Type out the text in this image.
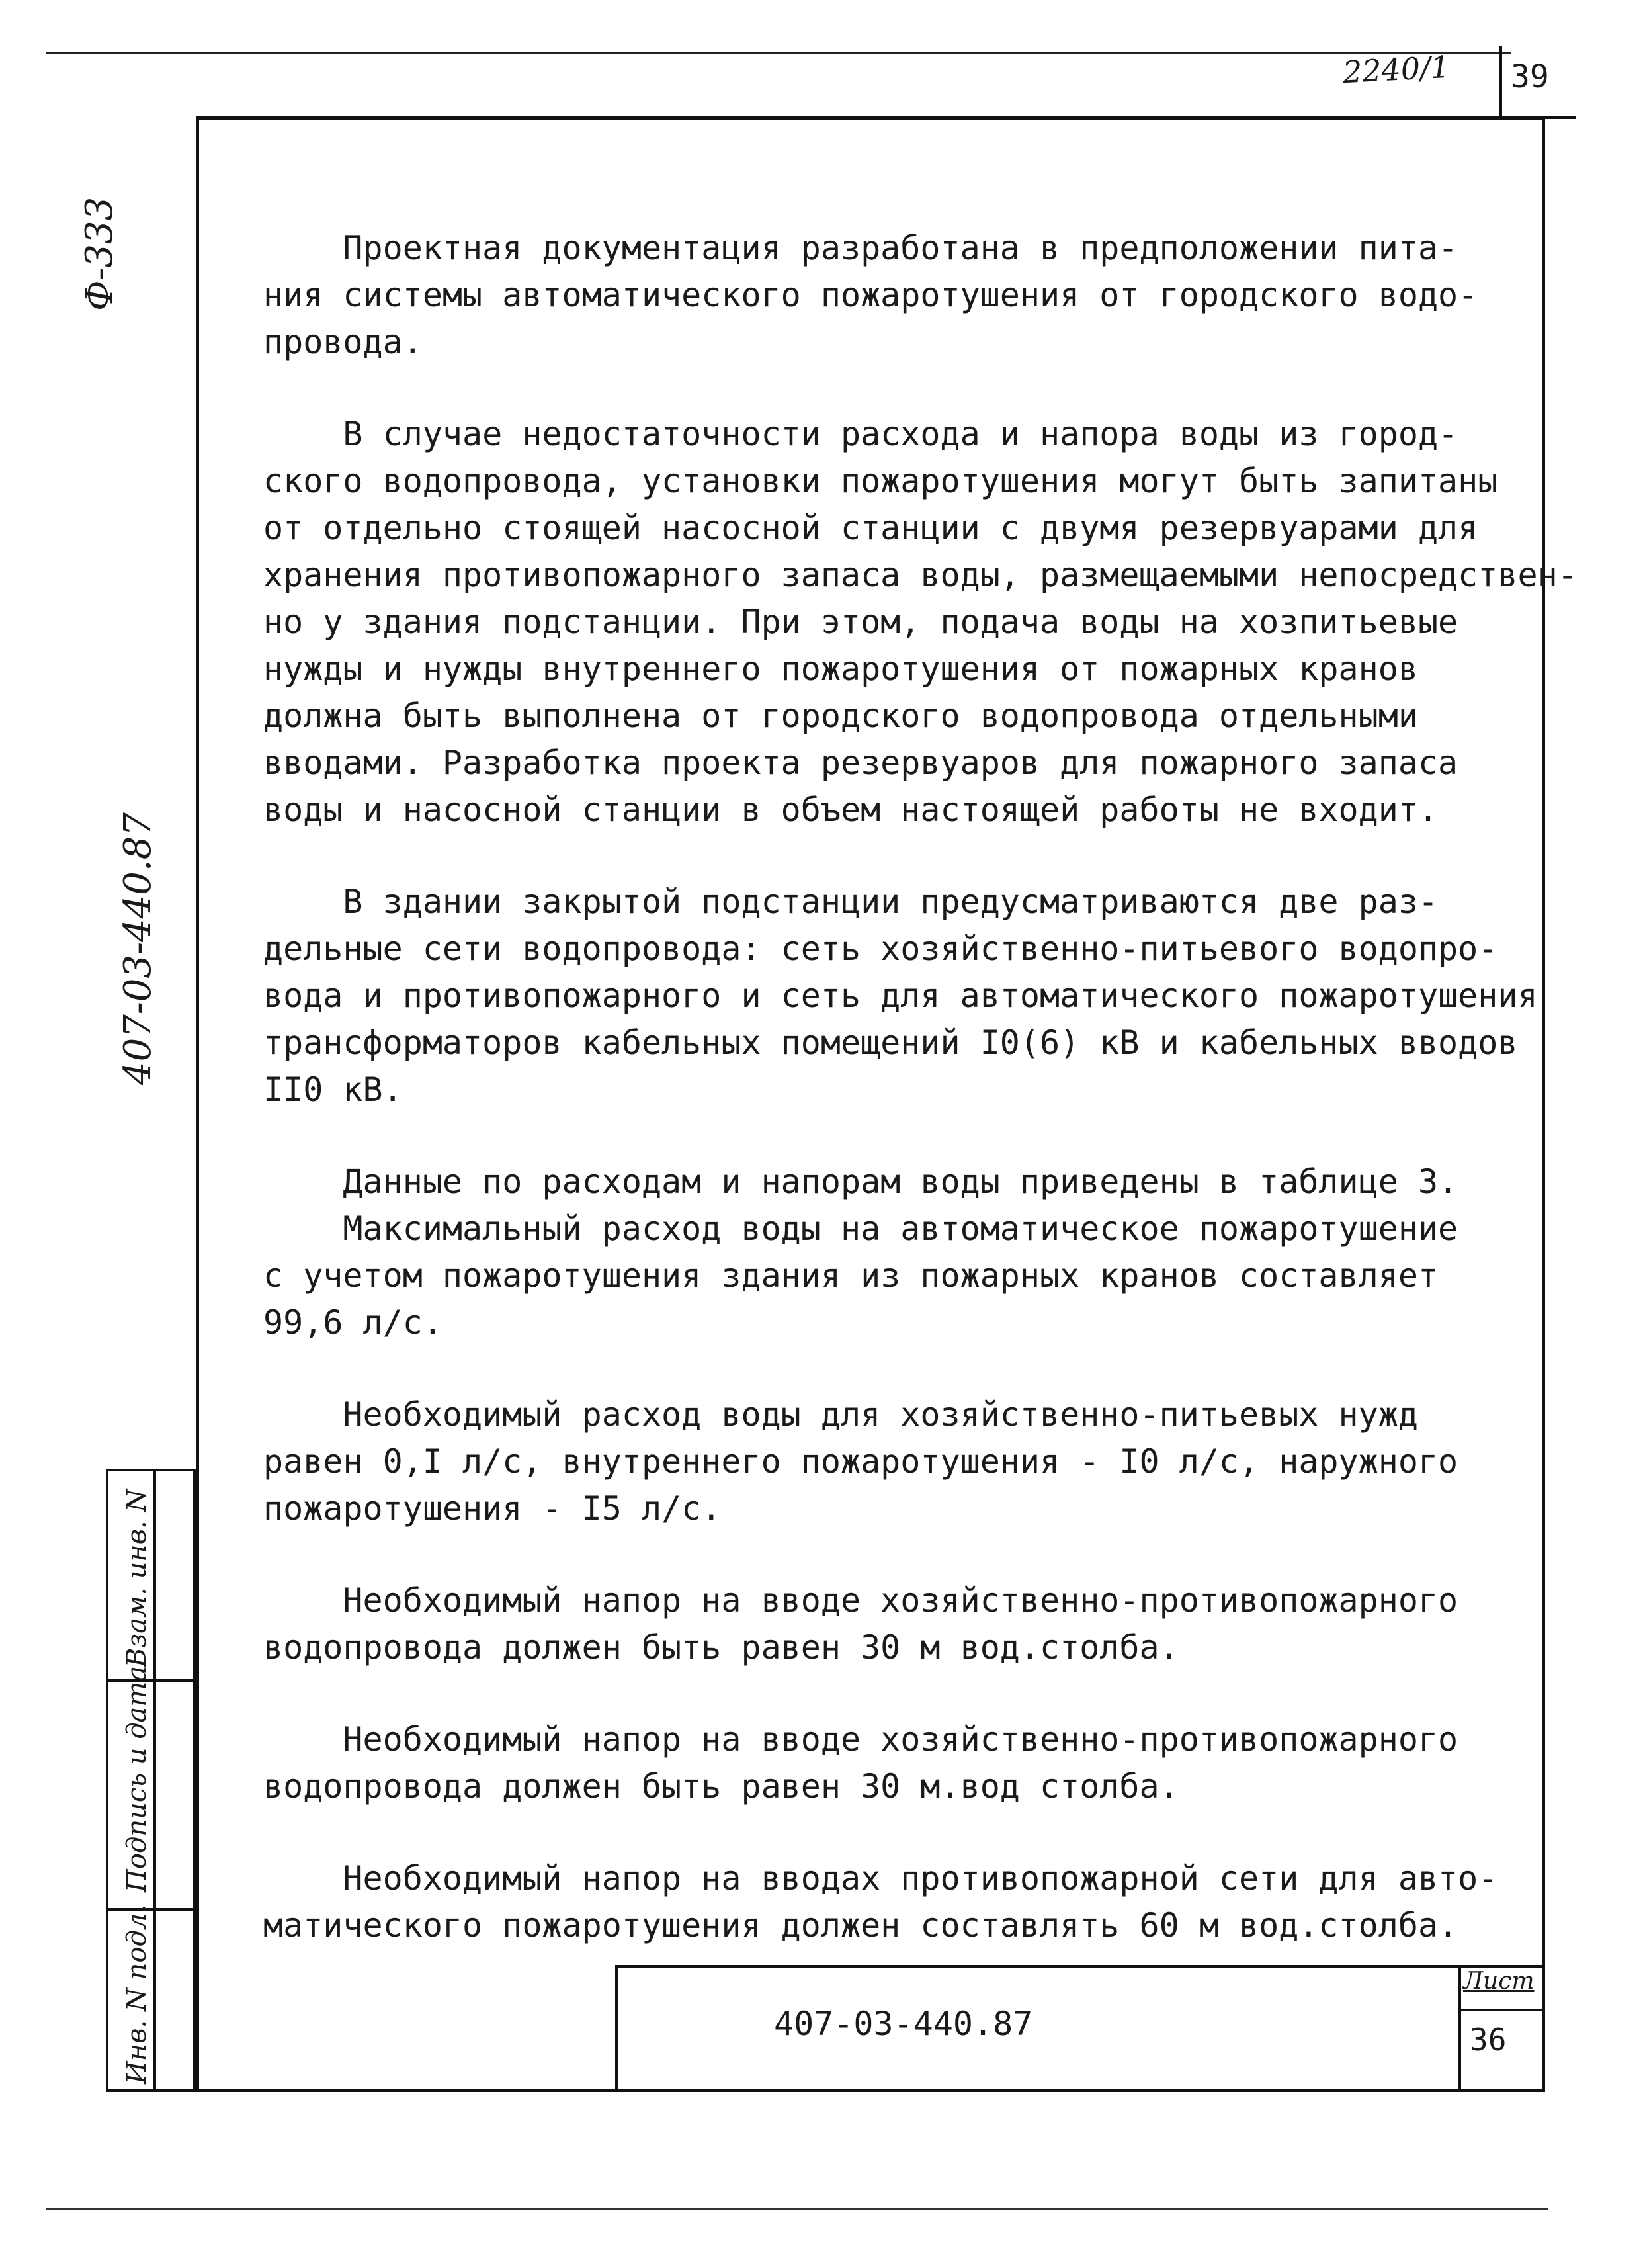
2240/1 39
Ф-333
407-03-440.87
Инв. N подл.
Подпись и дата
Взам. инв. N
Проектная документация разработана в предположении пита-
ния системы автоматического пожаротушения от городского водо-
провода.
В случае недостаточности расхода и напора воды из город-
ского водопровода, установки пожаротушения могут быть запитаны
от отдельно стоящей насосной станции с двумя резервуарами для
хранения противопожарного запаса воды, размещаемыми непосредствен-
но у здания подстанции. При этом, подача воды на хозпитьевые
нужды и нужды внутреннего пожаротушения от пожарных кранов
должна быть выполнена от городского водопровода отдельными
вводами. Разработка проекта резервуаров для пожарного запаса
воды и насосной станции в объем настоящей работы не входит.
В здании закрытой подстанции предусматриваются две раз-
дельные сети водопровода: сеть хозяйственно-питьевого водопро-
вода и противопожарного и сеть для автоматического пожаротушения
трансформаторов кабельных помещений I0(6) кВ и кабельных вводов
II0 кВ.
Данные по расходам и напорам воды приведены в таблице 3.
Максимальный расход воды на автоматическое пожаротушение
с учетом пожаротушения здания из пожарных кранов составляет
99,6 л/с.
Необходимый расход воды для хозяйственно-питьевых нужд
равен 0,I л/с, внутреннего пожаротушения - I0 л/с, наружного
пожаротушения - I5 л/с.
Необходимый напор на вводе хозяйственно-противопожарного
водопровода должен быть равен 30 м вод.столба.
Необходимый напор на вводе хозяйственно-противопожарного
водопровода должен быть равен 30 м.вод столба.
Необходимый напор на вводах противопожарной сети для авто-
матического пожаротушения должен составлять 60 м вод.столба.
407-03-440.87
Лист
36
